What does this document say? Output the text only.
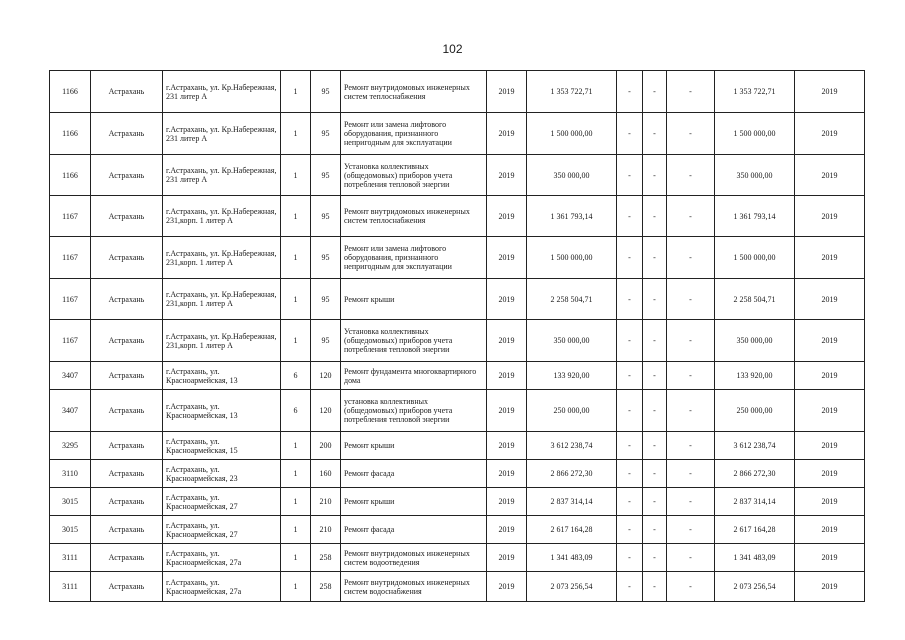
102
1166	Астрахань	г.Астрахань, ул. Кр.Набережная, 231 литер А	1	95	Ремонт внутридомовых инженерных систем теплоснабжения	2019	1 353 722,71	-	-	-	1 353 722,71	2019
1166	Астрахань	г.Астрахань, ул. Кр.Набережная, 231 литер А	1	95	Ремонт или замена лифтового оборудования, признанного непригодным для эксплуатации	2019	1 500 000,00	-	-	-	1 500 000,00	2019
1166	Астрахань	г.Астрахань, ул. Кр.Набережная, 231 литер А	1	95	Установка коллективных (общедомовых) приборов учета потребления тепловой энергии	2019	350 000,00	-	-	-	350 000,00	2019
1167	Астрахань	г.Астрахань, ул. Кр.Набережная, 231,корп. 1 литер А	1	95	Ремонт внутридомовых инженерных систем теплоснабжения	2019	1 361 793,14	-	-	-	1 361 793,14	2019
1167	Астрахань	г.Астрахань, ул. Кр.Набережная, 231,корп. 1 литер А	1	95	Ремонт или замена лифтового оборудования, признанного непригодным для эксплуатации	2019	1 500 000,00	-	-	-	1 500 000,00	2019
1167	Астрахань	г.Астрахань, ул. Кр.Набережная, 231,корп. 1 литер А	1	95	Ремонт крыши	2019	2 258 504,71	-	-	-	2 258 504,71	2019
1167	Астрахань	г.Астрахань, ул. Кр.Набережная, 231,корп. 1 литер А	1	95	Установка коллективных (общедомовых) приборов учета потребления тепловой энергии	2019	350 000,00	-	-	-	350 000,00	2019
3407	Астрахань	г.Астрахань, ул. Красноармейская, 13	6	120	Ремонт фундамента многоквартирного дома	2019	133 920,00	-	-	-	133 920,00	2019
3407	Астрахань	г.Астрахань, ул. Красноармейская, 13	6	120	установка коллективных (общедомовых) приборов учета потребления тепловой энергии	2019	250 000,00	-	-	-	250 000,00	2019
3295	Астрахань	г.Астрахань, ул. Красноармейская, 15	1	200	Ремонт крыши	2019	3 612 238,74	-	-	-	3 612 238,74	2019
3110	Астрахань	г.Астрахань, ул. Красноармейская, 23	1	160	Ремонт фасада	2019	2 866 272,30	-	-	-	2 866 272,30	2019
3015	Астрахань	г.Астрахань, ул. Красноармейская, 27	1	210	Ремонт крыши	2019	2 837 314,14	-	-	-	2 837 314,14	2019
3015	Астрахань	г.Астрахань, ул. Красноармейская, 27	1	210	Ремонт фасада	2019	2 617 164,28	-	-	-	2 617 164,28	2019
3111	Астрахань	г.Астрахань, ул. Красноармейская, 27а	1	258	Ремонт внутридомовых инженерных систем водоотведения	2019	1 341 483,09	-	-	-	1 341 483,09	2019
3111	Астрахань	г.Астрахань, ул. Красноармейская, 27а	1	258	Ремонт внутридомовых инженерных систем водоснабжения	2019	2 073 256,54	-	-	-	2 073 256,54	2019
